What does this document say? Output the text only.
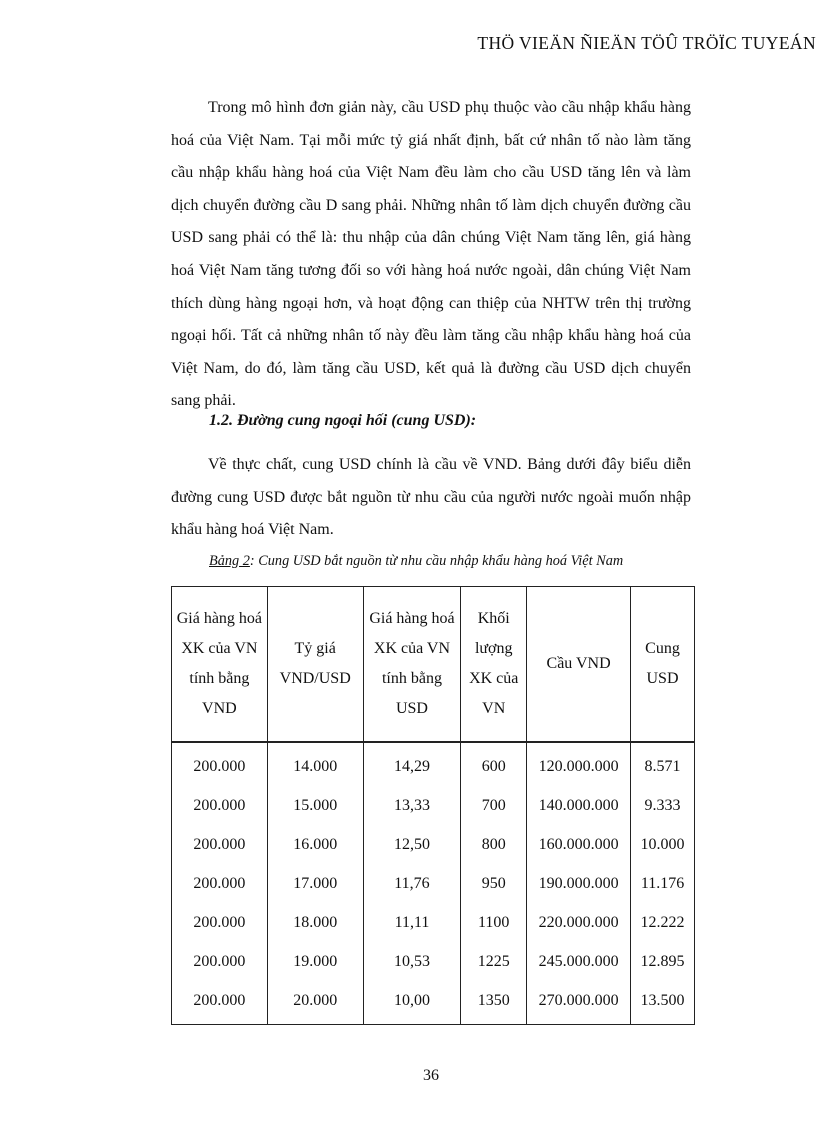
THÖ VIEÄN ÑIEÄN TÖÛ TRÖÏC TUYEÁN

Trong mô hình đơn giản này, cầu USD phụ thuộc vào cầu nhập khẩu hàng hoá của Việt Nam. Tại mỗi mức tỷ giá nhất định, bất cứ nhân tố nào làm tăng cầu nhập khẩu hàng hoá của Việt Nam đều làm cho cầu USD tăng lên và làm dịch chuyển đường cầu D sang phải. Những nhân tố làm dịch chuyển đường cầu USD sang phải có thể là: thu nhập của dân chúng Việt Nam tăng lên, giá hàng hoá Việt Nam tăng tương đối so với hàng hoá nước ngoài, dân chúng Việt Nam thích dùng hàng ngoại hơn, và hoạt động can thiệp của NHTW trên thị trường ngoại hối. Tất cả những nhân tố này đều làm tăng cầu nhập khẩu hàng hoá của Việt Nam, do đó, làm tăng cầu USD, kết quả là đường cầu USD dịch chuyển sang phải.

1.2. Đường cung ngoại hối (cung USD):

Về thực chất, cung USD chính là cầu về VND. Bảng dưới đây biểu diễn đường cung USD được bắt nguồn từ nhu cầu của người nước ngoài muốn nhập khẩu hàng hoá Việt Nam.

Bảng 2: Cung USD bắt nguồn từ nhu cầu nhập khẩu hàng hoá Việt Nam
Giá hàng hoá XK của VN tính bằng VND	Tỷ giá VND/USD	Giá hàng hoá XK của VN tính bằng USD	Khối lượng XK của VN	Cầu VND	Cung USD
200.000	14.000	14,29	600	120.000.000	8.571
200.000	15.000	13,33	700	140.000.000	9.333
200.000	16.000	12,50	800	160.000.000	10.000
200.000	17.000	11,76	950	190.000.000	11.176
200.000	18.000	11,11	1100	220.000.000	12.222
200.000	19.000	10,53	1225	245.000.000	12.895
200.000	20.000	10,00	1350	270.000.000	13.500
36
